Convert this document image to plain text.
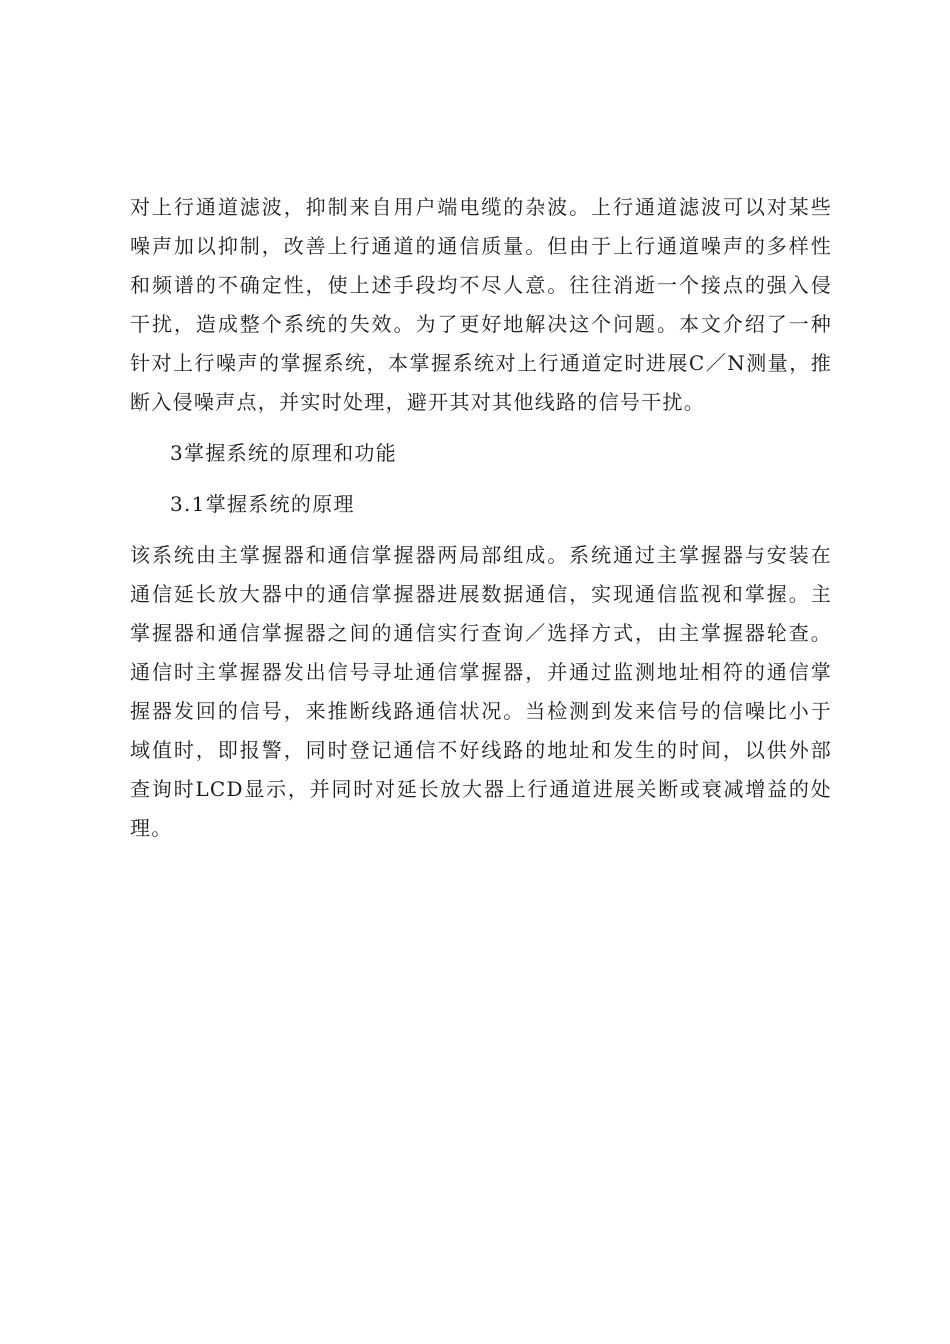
对上行通道滤波，抑制来自用户端电缆的杂波。上行通道滤波可以对某些噪声加以抑制，改善上行通道的通信质量。但由于上行通道噪声的多样性和频谱的不确定性，使上述手段均不尽人意。往往消逝一个接点的强入侵干扰，造成整个系统的失效。为了更好地解决这个问题。本文介绍了一种针对上行噪声的掌握系统，本掌握系统对上行通道定时进展C／N测量，推断入侵噪声点，并实时处理，避开其对其他线路的信号干扰。

3掌握系统的原理和功能

3.1掌握系统的原理

该系统由主掌握器和通信掌握器两局部组成。系统通过主掌握器与安装在通信延长放大器中的通信掌握器进展数据通信，实现通信监视和掌握。主掌握器和通信掌握器之间的通信实行查询／选择方式，由主掌握器轮查。通信时主掌握器发出信号寻址通信掌握器，并通过监测地址相符的通信掌握器发回的信号，来推断线路通信状况。当检测到发来信号的信噪比小于域值时，即报警，同时登记通信不好线路的地址和发生的时间，以供外部查询时LCD显示，并同时对延长放大器上行通道进展关断或衰减增益的处理。
